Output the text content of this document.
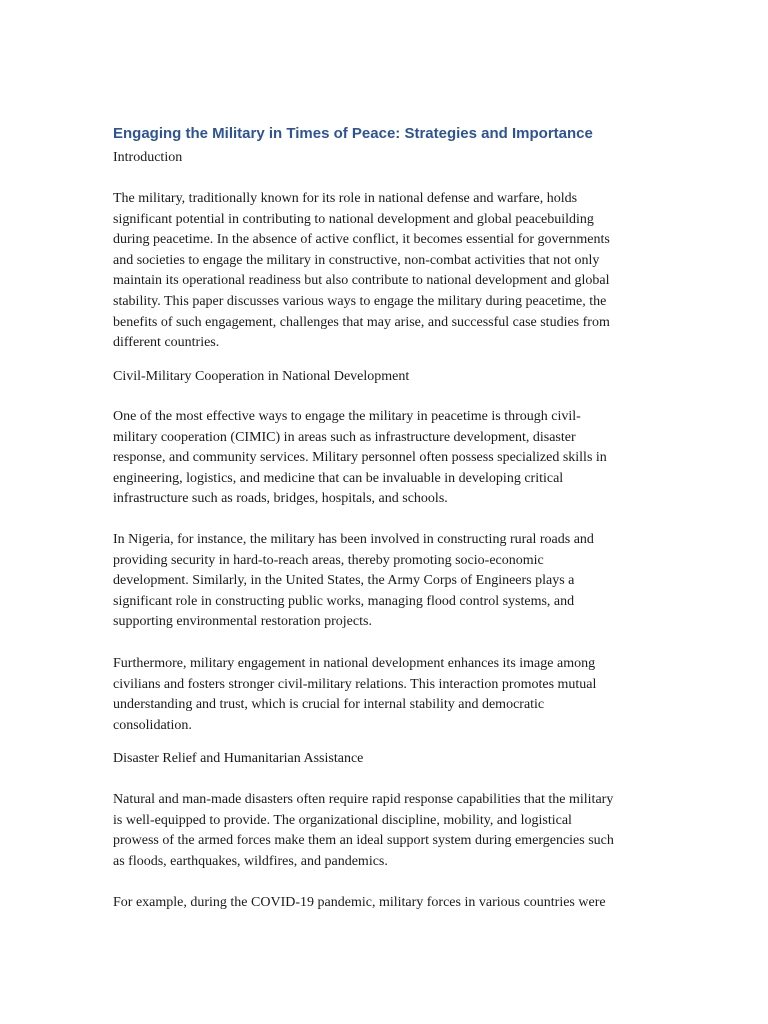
Engaging the Military in Times of Peace: Strategies and Importance
Introduction
The military, traditionally known for its role in national defense and warfare, holds
significant potential in contributing to national development and global peacebuilding
during peacetime. In the absence of active conflict, it becomes essential for governments
and societies to engage the military in constructive, non-combat activities that not only
maintain its operational readiness but also contribute to national development and global
stability. This paper discusses various ways to engage the military during peacetime, the
benefits of such engagement, challenges that may arise, and successful case studies from
different countries.
Civil-Military Cooperation in National Development
One of the most effective ways to engage the military in peacetime is through civil-
military cooperation (CIMIC) in areas such as infrastructure development, disaster
response, and community services. Military personnel often possess specialized skills in
engineering, logistics, and medicine that can be invaluable in developing critical
infrastructure such as roads, bridges, hospitals, and schools.
In Nigeria, for instance, the military has been involved in constructing rural roads and
providing security in hard-to-reach areas, thereby promoting socio-economic
development. Similarly, in the United States, the Army Corps of Engineers plays a
significant role in constructing public works, managing flood control systems, and
supporting environmental restoration projects.
Furthermore, military engagement in national development enhances its image among
civilians and fosters stronger civil-military relations. This interaction promotes mutual
understanding and trust, which is crucial for internal stability and democratic
consolidation.
Disaster Relief and Humanitarian Assistance
Natural and man-made disasters often require rapid response capabilities that the military
is well-equipped to provide. The organizational discipline, mobility, and logistical
prowess of the armed forces make them an ideal support system during emergencies such
as floods, earthquakes, wildfires, and pandemics.
For example, during the COVID-19 pandemic, military forces in various countries were
